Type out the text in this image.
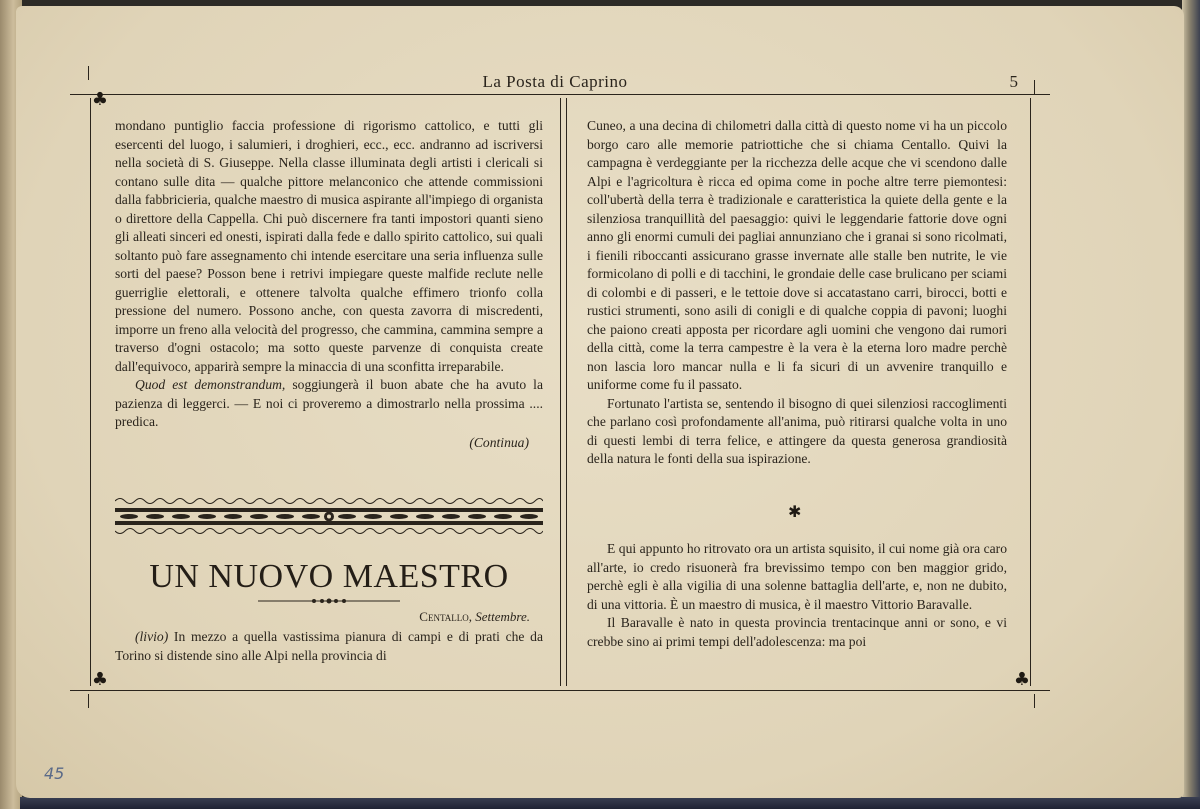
La Posta di Caprino	5
♣
♣	♣

mondano puntiglio faccia professione di rigorismo cattolico, e tutti gli esercenti del luogo, i salumieri, i droghieri, ecc., ecc. andranno ad iscriversi nella società di S. Giuseppe. Nella classe illuminata degli artisti i clericali si contano sulle dita — qualche pittore melanconico che attende commissioni dalla fabbricieria, qualche maestro di musica aspirante all'impiego di organista o direttore della Cappella. Chi può discernere fra tanti impostori quanti sieno gli alleati sinceri ed onesti, ispirati dalla fede e dallo spirito cattolico, sui quali soltanto può fare assegnamento chi intende esercitare una seria influenza sulle sorti del paese? Posson bene i retrivi impiegare queste malfide reclute nelle guerriglie elettorali, e ottenere talvolta qualche effimero trionfo colla pressione del numero. Possono anche, con questa zavorra di miscredenti, imporre un freno alla velocità del progresso, che cammina, cammina sempre a traverso d'ogni ostacolo; ma sotto queste parvenze di conquista create dall'equivoco, apparirà sempre la minaccia di una sconfitta irreparabile.

Quod est demonstrandum, soggiungerà il buon abate che ha avuto la pazienza di leggerci. — E noi ci proveremo a dimostrarlo nella prossima .... predica.

(Continua)

UN NUOVO MAESTRO
Centallo, Settembre.

(livio) In mezzo a quella vastissima pianura di campi e di prati che da Torino si distende sino alle Alpi nella provincia di

Cuneo, a una decina di chilometri dalla città di questo nome vi ha un piccolo borgo caro alle memorie patriottiche che si chiama Centallo. Quivi la campagna è verdeggiante per la ricchezza delle acque che vi scendono dalle Alpi e l'agricoltura è ricca ed opima come in poche altre terre piemontesi: coll'ubertà della terra è tradizionale e caratteristica la quiete della gente e la silenziosa tranquillità del paesaggio: quivi le leggendarie fattorie dove ogni anno gli enormi cumuli dei pagliai annunziano che i granai si sono ricolmati, i fienili riboccanti assicurano grasse invernate alle stalle ben nutrite, le vie formicolano di polli e di tacchini, le grondaie delle case brulicano per sciami di colombi e di passeri, e le tettoie dove si accatastano carri, birocci, botti e rustici strumenti, sono asili di conigli e di qualche coppia di pavoni; luoghi che paiono creati apposta per ricordare agli uomini che vengono dai rumori della città, come la terra campestre è la vera è la eterna loro madre perchè non lascia loro mancar nulla e li fa sicuri di un avvenire tranquillo e uniforme come fu il passato.

Fortunato l'artista se, sentendo il bisogno di quei silenziosi raccoglimenti che parlano così profondamente all'anima, può ritirarsi qualche volta in uno di questi lembi di terra felice, e attingere da questa generosa grandiosità della natura le fonti della sua ispirazione.

✱

E qui appunto ho ritrovato ora un artista squisito, il cui nome già ora caro all'arte, io credo risuonerà fra brevissimo tempo con ben maggior grido, perchè egli è alla vigilia di una solenne battaglia dell'arte, e, non ne dubito, di una vittoria. È un maestro di musica, è il maestro Vittorio Baravalle.

Il Baravalle è nato in questa provincia trentacinque anni or sono, e vi crebbe sino ai primi tempi dell'adolescenza: ma poi

45
